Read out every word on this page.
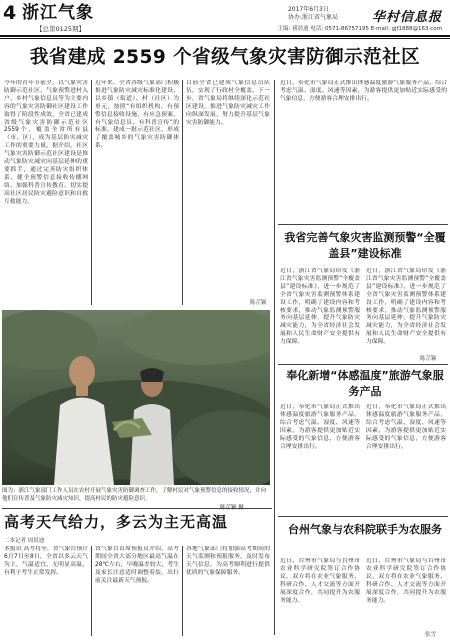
4 浙江气象
【总第0125期】
2017年6月3日
协办:浙江省气象局	华村信息报
主编: 褚晨迪 电话: 0571-86757195 E-mail: gjf1888@163.com
我省建成 2559 个省级气象灾害防御示范社区
今年的青年节前夕，以气象灾害防御示范社区、气象预警进村入户、乡村气象信息员等为主要内容的气象灾害防御社区建设工作取得了阶段性成效，全省已建成省级气象灾害防御示范社区2559个，覆盖全省所有县（市、区），成为基层防灾减灾工作的重要力量。据介绍，社区气象灾害防御示范社区建设是推动气象防灾减灾向基层延伸的重要抓手，通过完善防灾组织体系、健全预警信息接收传播网络、加强科普宣传教育，切实提高社区居民防灾避险意识和自救互救能力。
近年来，全省各级气象部门积极推进气象防灾减灾标准化建设，以乡镇（街道）、村（社区）为单元，按照“有组织机构、有预警信息接收设施、有应急预案、有气象信息员、有科普宣传”的标准，建成一批示范社区，形成了覆盖城乡的气象灾害防御体系。
目前全省已建成气象信息员队伍，实现了行政村全覆盖。下一步，省气象局将继续深化示范社区建设，推进气象防灾减灾工作向纵深发展，努力提升基层气象灾害防御能力。
陈芷颖
近日，奉化市气象局正式推出体感温度旅游气象服务产品，综合考虑气温、湿度、风速等因素，为游客提供更加贴近实际感受的气象信息，方便游客合理安排出行。
我省完善气象灾害监测预警“全覆盖县”建设标准
近日，浙江省气象局印发《浙江省气象灾害监测预警“全覆盖县”建设标准》，进一步规范了全省气象灾害监测预警体系建设工作，明确了建设内容和考核要求，推动气象监测预警服务向基层延伸，提升气象防灾减灾能力，为全省经济社会发展和人民生命财产安全提供有力保障。
近日，浙江省气象局印发《浙江省气象灾害监测预警“全覆盖县”建设标准》，进一步规范了全省气象灾害监测预警体系建设工作，明确了建设内容和考核要求，推动气象监测预警服务向基层延伸，提升气象防灾减灾能力，为全省经济社会发展和人民生命财产安全提供有力保障。
陈芷颖
奉化新增“体感温度”旅游气象服务产品
近日，奉化市气象局正式推出体感温度旅游气象服务产品，综合考虑气温、湿度、风速等因素，为游客提供更加贴近实际感受的气象信息，方便游客合理安排出行。
近日，奉化市气象局正式推出体感温度旅游气象服务产品，综合考虑气温、湿度、风速等因素，为游客提供更加贴近实际感受的气象信息，方便游客合理安排出行。
台州气象与农科院联手为农服务
近日，台州市气象局与台州市农业科学研究院签订合作协议，双方将在农业气象服务、科研合作、人才交流等方面开展深度合作，共同提升为农服务能力。
近日，台州市气象局与台州市农业科学研究院签订合作协议，双方将在农业气象服务、科研合作、人才交流等方面开展深度合作，共同提升为农服务能力。
张雪
图为：浙江气象部门工作人员在农村开展气象灾害防御调查工作，了解村民对气象预警信息的接收情况，并向他们宣传普及气象防灾减灾知识，提高村民的防灾避险意识。
高考天气给力，多云为主无高温
二本记者 周晨迪
本报讯 高考将至，省气象台预计6月7日至8日，全省以多云天气为主，气温适宜，无明显高温，有利于考生正常发挥。
省气象台首席预报员介绍，高考期间全省大部分地区最高气温在28℃左右，早晚温差较大，考生及家长注意适时调整着装，出行前关注最新天气预报。
各地气象部门将加强高考期间的天气监测和预报服务，及时发布天气信息，为高考顺利进行提供优质的气象保障服务。
